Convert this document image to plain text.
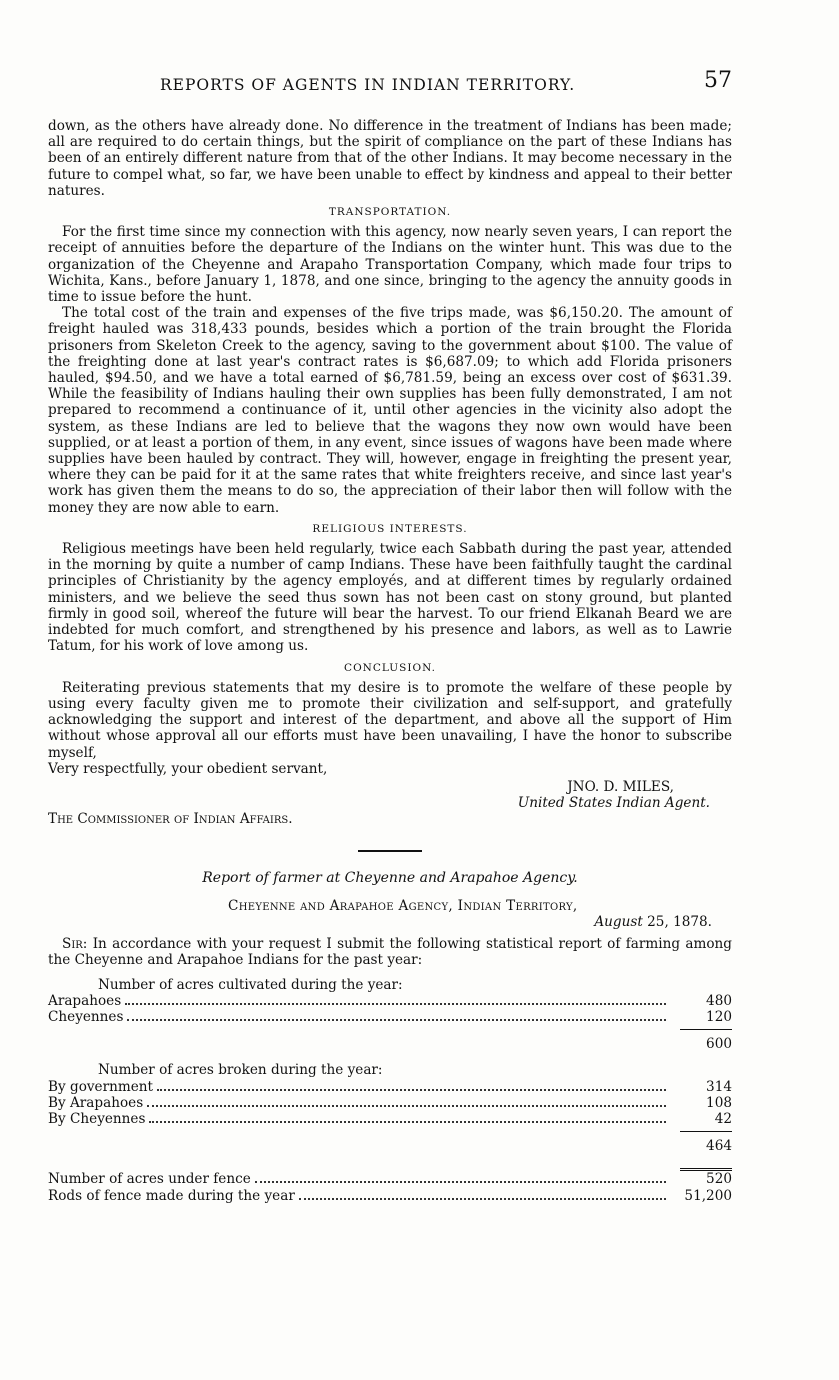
REPORTS OF AGENTS IN INDIAN TERRITORY.	57

down, as the others have already done. No difference in the treatment of Indians has been made; all are required to do certain things, but the spirit of compliance on the part of these Indians has been of an entirely different nature from that of the other Indians. It may become necessary in the future to compel what, so far, we have been unable to effect by kindness and appeal to their better natures.

TRANSPORTATION.

For the first time since my connection with this agency, now nearly seven years, I can report the receipt of annuities before the departure of the Indians on the winter hunt. This was due to the organization of the Cheyenne and Arapaho Transportation Company, which made four trips to Wichita, Kans., before January 1, 1878, and one since, bringing to the agency the annuity goods in time to issue before the hunt.

The total cost of the train and expenses of the five trips made, was $6,150.20. The amount of freight hauled was 318,433 pounds, besides which a portion of the train brought the Florida prisoners from Skeleton Creek to the agency, saving to the government about $100. The value of the freighting done at last year's contract rates is $6,687.09; to which add Florida prisoners hauled, $94.50, and we have a total earned of $6,781.59, being an excess over cost of $631.39. While the feasibility of Indians hauling their own supplies has been fully demonstrated, I am not prepared to recommend a continuance of it, until other agencies in the vicinity also adopt the system, as these Indians are led to believe that the wagons they now own would have been supplied, or at least a portion of them, in any event, since issues of wagons have been made where supplies have been hauled by contract. They will, however, engage in freighting the present year, where they can be paid for it at the same rates that white freighters receive, and since last year's work has given them the means to do so, the appreciation of their labor then will follow with the money they are now able to earn.

RELIGIOUS INTERESTS.

Religious meetings have been held regularly, twice each Sabbath during the past year, attended in the morning by quite a number of camp Indians. These have been faithfully taught the cardinal principles of Christianity by the agency employés, and at different times by regularly ordained ministers, and we believe the seed thus sown has not been cast on stony ground, but planted firmly in good soil, whereof the future will bear the harvest. To our friend Elkanah Beard we are indebted for much comfort, and strengthened by his presence and labors, as well as to Lawrie Tatum, for his work of love among us.

CONCLUSION.

Reiterating previous statements that my desire is to promote the welfare of these people by using every faculty given me to promote their civilization and self-support, and gratefully acknowledging the support and interest of the department, and above all the support of Him without whose approval all our efforts must have been unavailing, I have the honor to subscribe myself,

Very respectfully, your obedient servant,

JNO. D. MILES,
United States Indian Agent.

The Commissioner of Indian Affairs.

Report of farmer at Cheyenne and Arapahoe Agency.
Cheyenne and Arapahoe Agency, Indian Territory,
August 25, 1878.

Sir: In accordance with your request I submit the following statistical report of farming among the Cheyenne and Arapahoe Indians for the past year:

Number of acres cultivated during the year:
Arapahoes	480
Cheyennes	120
600
Number of acres broken during the year:
By government	314
By Arapahoes	108
By Cheyennes	42
464
Number of acres under fence	520
Rods of fence made during the year	51,200
